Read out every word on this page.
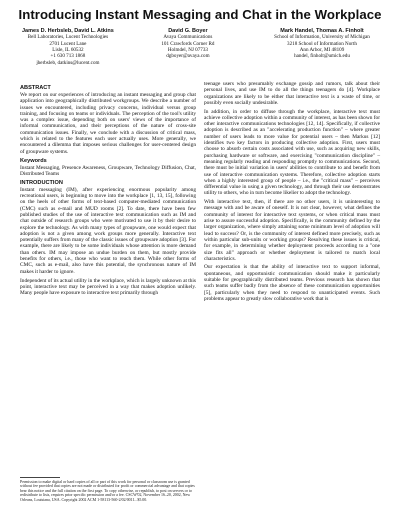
Introducing Instant Messaging and Chat in the Workplace
James D. Herbsleb, David L. Atkins
Bell Laboratories, Lucent Technologies
2701 Lucent Lane
Lisle, IL 60532
+1 630 713 1868
jherbsleb, datkins@lucent.com
David G. Boyer
Avaya Communications
101 Crawfords Corner Rd
Holmdel, NJ 07733
dgboyer@avaya.com
Mark Handel, Thomas A. Finholt
School of Information, University of Michigan
3218 School of Information North
Ann Arbor, MI 48109
handel, finholt@umich.edu
ABSTRACT

We report on our experiences of introducing an instant messaging and group chat application into geographically distributed workgroups. We describe a number of issues we encountered, including privacy concerns, individual versus group training, and focusing on teams or individuals. The perception of the tool's utility was a complex issue, depending both on users' views of the importance of informal communication, and their perceptions of the nature of cross-site communication issues. Finally, we conclude with a discussion of critical mass, which is related to the features each user actually uses. More generally, we encountered a dilemma that imposes serious challenges for user-centered design of groupware systems.

Keywords

Instant Messaging, Presence Awareness, Groupware, Technology Diffusion, Chat, Distributed Teams

INTRODUCTION

Instant messaging (IM), after experiencing enormous popularity among recreational users, is beginning to move into the workplace [1, 13, 15], following on the heels of other forms of text-based computer-mediated communication (CMC) such as e-mail and MUD rooms [2]. To date, there have been few published studies of the use of interactive text communication such as IM and chat outside of research groups who were motivated to use it by their desire to explore the technology. As with many types of groupware, one would expect that adoption is not a given among work groups more generally. Interactive text potentially suffers from many of the classic issues of groupware adoption [3]. For example, there are likely to be some individuals whose attention is more demand than others. IM may impose an undue burden on them, but mostly provide benefits for others, i.e., those who want to reach them. While other forms of CMC, such as e-mail, also have this potential, the synchronous nature of IM makes it harder to ignore.

Independent of its actual utility in the workplace, which is largely unknown at this point, interactive text may be perceived in a way that makes adoption unlikely. Many people have exposure to interactive text primarily through

Permission to make digital or hard copies of all or part of this work for personal or classroom use is granted without fee provided that copies are not made or distributed for profit or commercial advantage and that copies bear this notice and the full citation on the first page. To copy otherwise, or republish, to post on servers or to redistribute to lists, requires prior specific permission and/or a fee. CSCW'02, November 16–20, 2002, New Orleans, Louisiana, USA. Copyright 2002 ACM 1-58113-560-2/02/0011...$5.00.

teenage users who presumably exchange gossip and rumors, talk about their personal lives, and use IM to do all the things teenagers do [4]. Workplace organizations are likely to be either that interactive text is a waste of time, or possibly even socially undesirable.

In addition, in order to diffuse through the workplace, interactive text must achieve collective adoption within a community of interest, as has been shown for other interactive communications technologies [12, 14]. Specifically, if collective adoption is described as an "accelerating production function" – where greater number of users leads to more value for potential users – then Markus [12] identifies two key factors in producing collective adoption. First, users must choose to absorb certain costs associated with use, such as acquiring new skills, purchasing hardware or software, and exercising "communication discipline" – meaning regularly reading and responding promptly to communications. Second, there must be initial variation in users' abilities to contribute to and benefit from use of interactive communication systems. Therefore, collective adoption starts when a highly interested group of people – i.e., the "critical mass" – perceives differential value in using a given technology, and through their use demonstrates utility to others, who in turn become likelier to adopt the technology.

With interactive text, then, if there are no other users, it is uninteresting to message with and be aware of oneself. It is not clear, however, what defines the community of interest for interactive text systems, or when critical mass must arise to assure successful adoption. Specifically, is the community defined by the larger organization, where simply attaining some minimum level of adoption will lead to success? Or, is the community of interest defined more precisely, such as within particular sub-units or working groups? Resolving these issues is critical, for example, in determining whether deployment proceeds according to a "one size fits all" approach or whether deployment is tailored to match local characteristics.

Our expectation is that the ability of interactive text to support informal, spontaneous, and opportunistic communication should make it particularly suitable for geographically distributed teams. Previous research has shown that such teams suffer badly from the absence of these communication opportunities [5], particularly when they need to respond to unanticipated events. Such problems appear to greatly slow collaborative work that is
